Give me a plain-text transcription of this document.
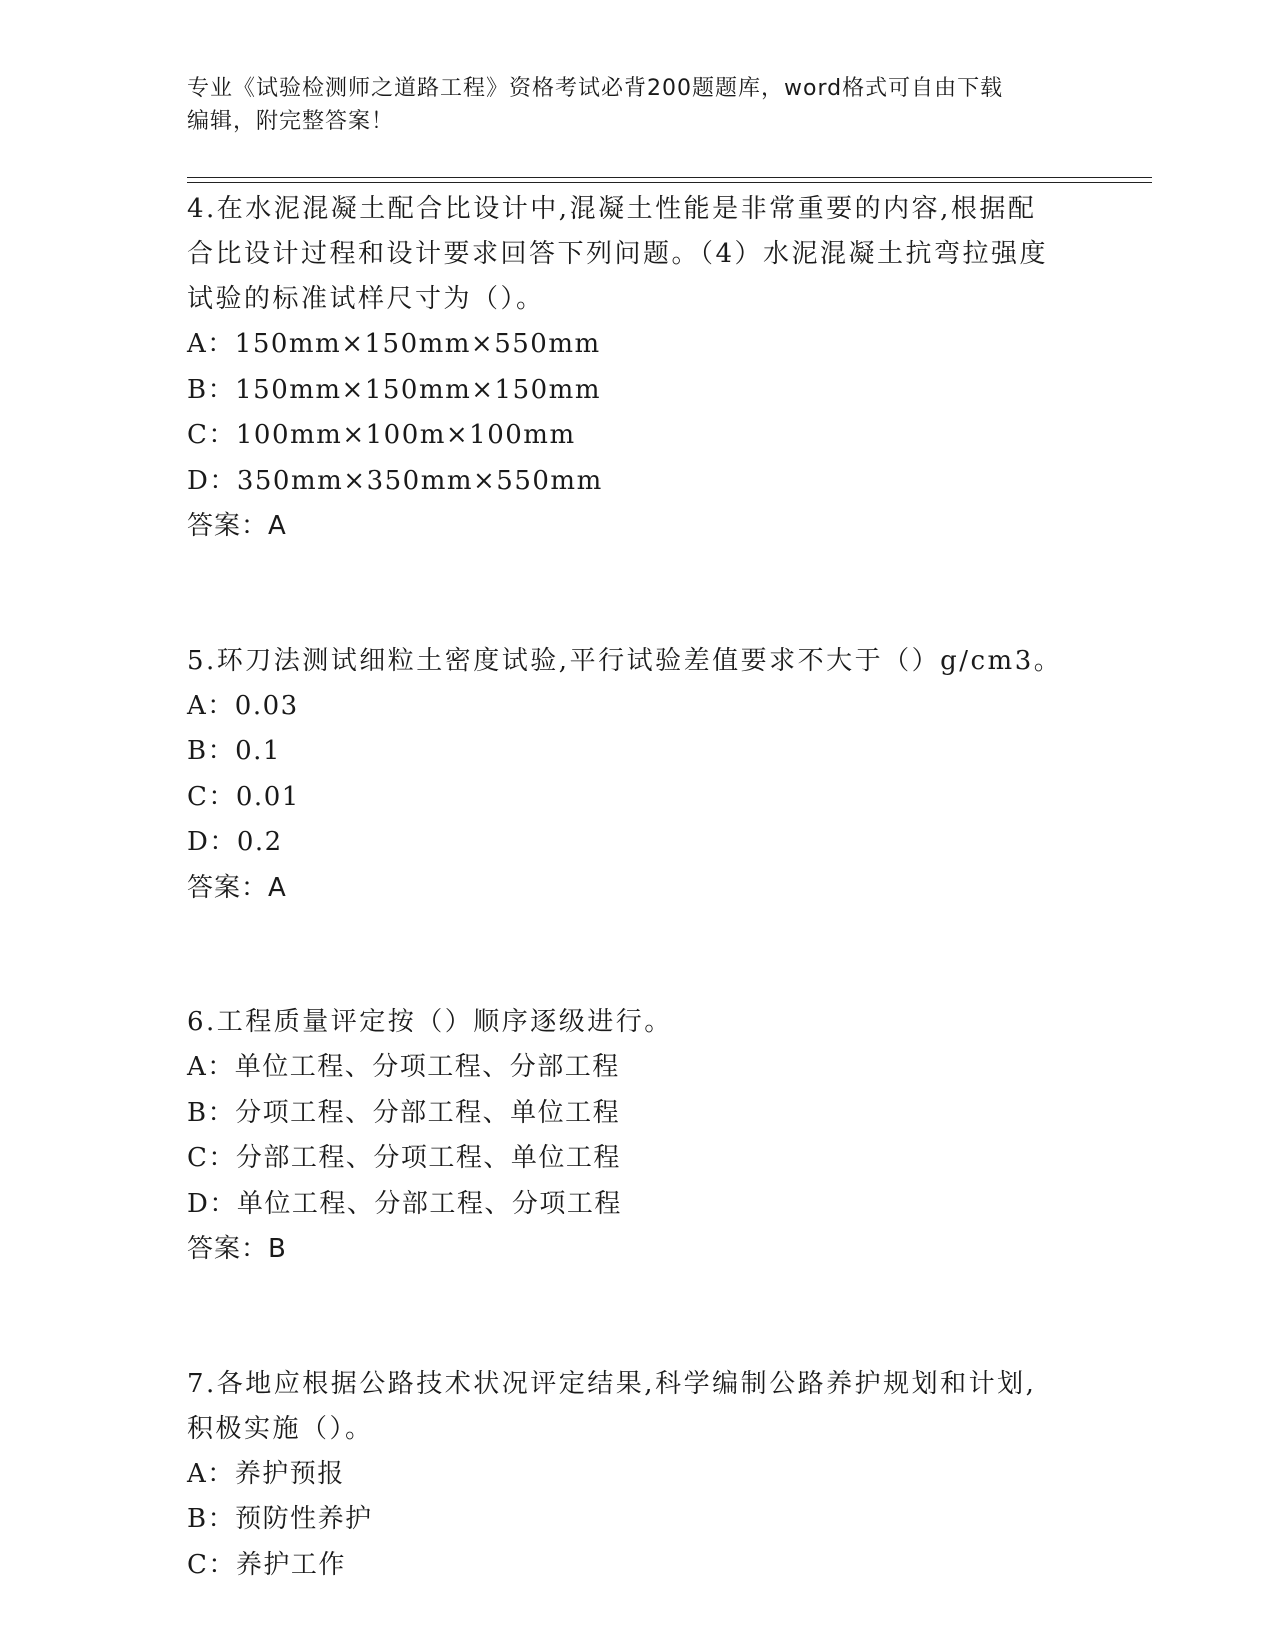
专业《试验检测师之道路工程》资格考试必背200题题库，word格式可自由下载
编辑，附完整答案！
4.在水泥混凝土配合比设计中,混凝土性能是非常重要的内容,根据配
合比设计过程和设计要求回答下列问题。（4）水泥混凝土抗弯拉强度
试验的标准试样尺寸为（）。
A：150mm×150mm×550mm
B：150mm×150mm×150mm
C：100mm×100m×100mm
D：350mm×350mm×550mm
答案：A
5.环刀法测试细粒土密度试验,平行试验差值要求不大于（）g/cm3。
A：0.03
B：0.1
C：0.01
D：0.2
答案：A
6.工程质量评定按（）顺序逐级进行。
A：单位工程、分项工程、分部工程
B：分项工程、分部工程、单位工程
C：分部工程、分项工程、单位工程
D：单位工程、分部工程、分项工程
答案：B
7.各地应根据公路技术状况评定结果,科学编制公路养护规划和计划,
积极实施（）。
A：养护预报
B：预防性养护
C：养护工作
